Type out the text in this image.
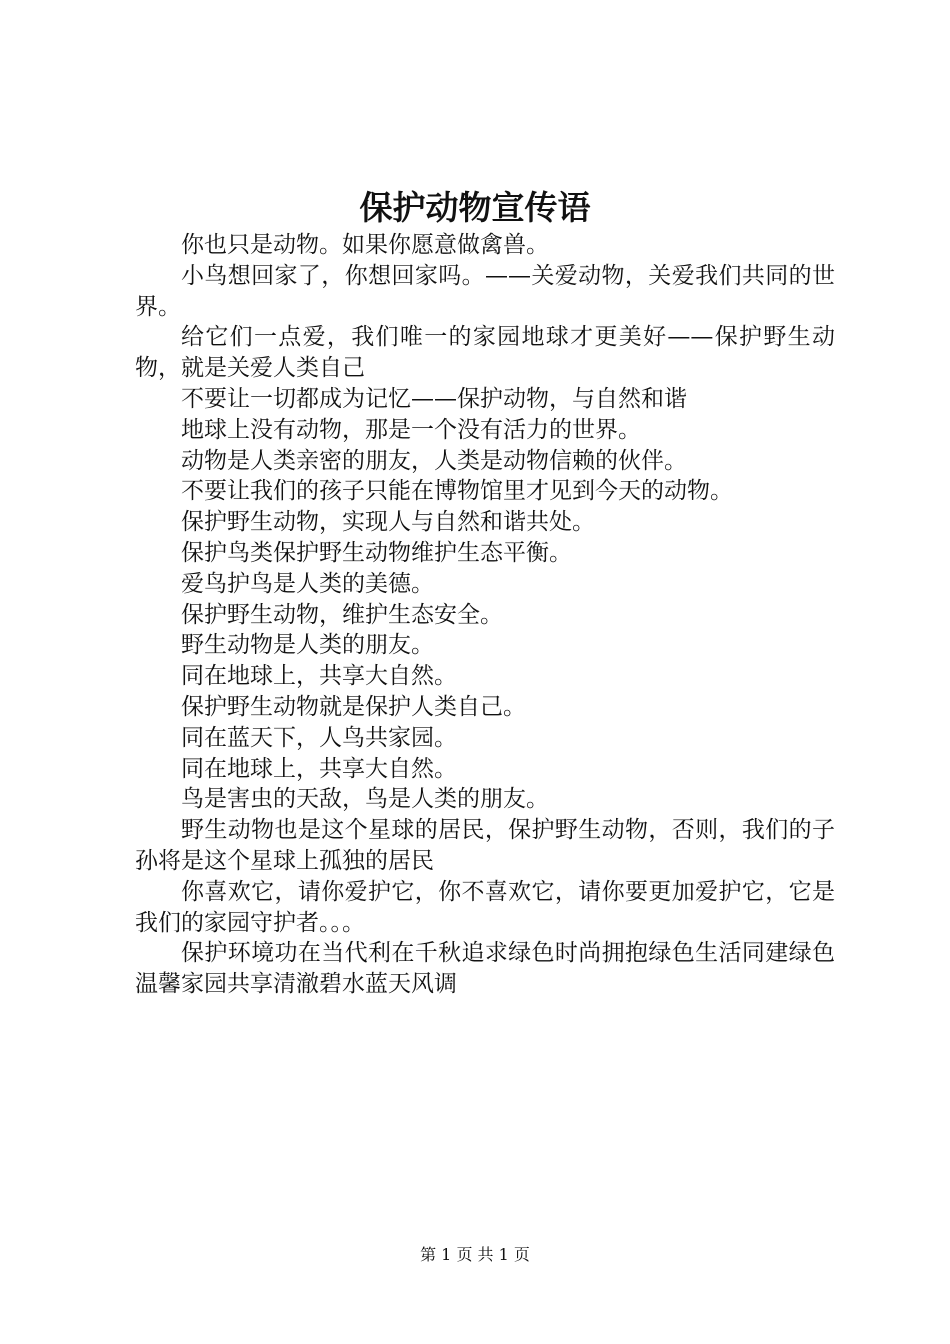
保护动物宣传语

你也只是动物。如果你愿意做禽兽。

小鸟想回家了，你想回家吗。——关爱动物，关爱我们共同的世界。

给它们一点爱，我们唯一的家园地球才更美好——保护野生动物，就是关爱人类自己

不要让一切都成为记忆——保护动物，与自然和谐

地球上没有动物，那是一个没有活力的世界。

动物是人类亲密的朋友，人类是动物信赖的伙伴。

不要让我们的孩子只能在博物馆里才见到今天的动物。

保护野生动物，实现人与自然和谐共处。

保护鸟类保护野生动物维护生态平衡。

爱鸟护鸟是人类的美德。

保护野生动物，维护生态安全。

野生动物是人类的朋友。

同在地球上，共享大自然。

保护野生动物就是保护人类自己。

同在蓝天下，人鸟共家园。

同在地球上，共享大自然。

鸟是害虫的天敌，鸟是人类的朋友。

野生动物也是这个星球的居民，保护野生动物，否则，我们的子孙将是这个星球上孤独的居民

你喜欢它，请你爱护它，你不喜欢它，请你要更加爱护它，它是我们的家园守护者。。。

保护环境功在当代利在千秋追求绿色时尚拥抱绿色生活同建绿色温馨家园共享清澈碧水蓝天风调

第 1 页 共 1 页
